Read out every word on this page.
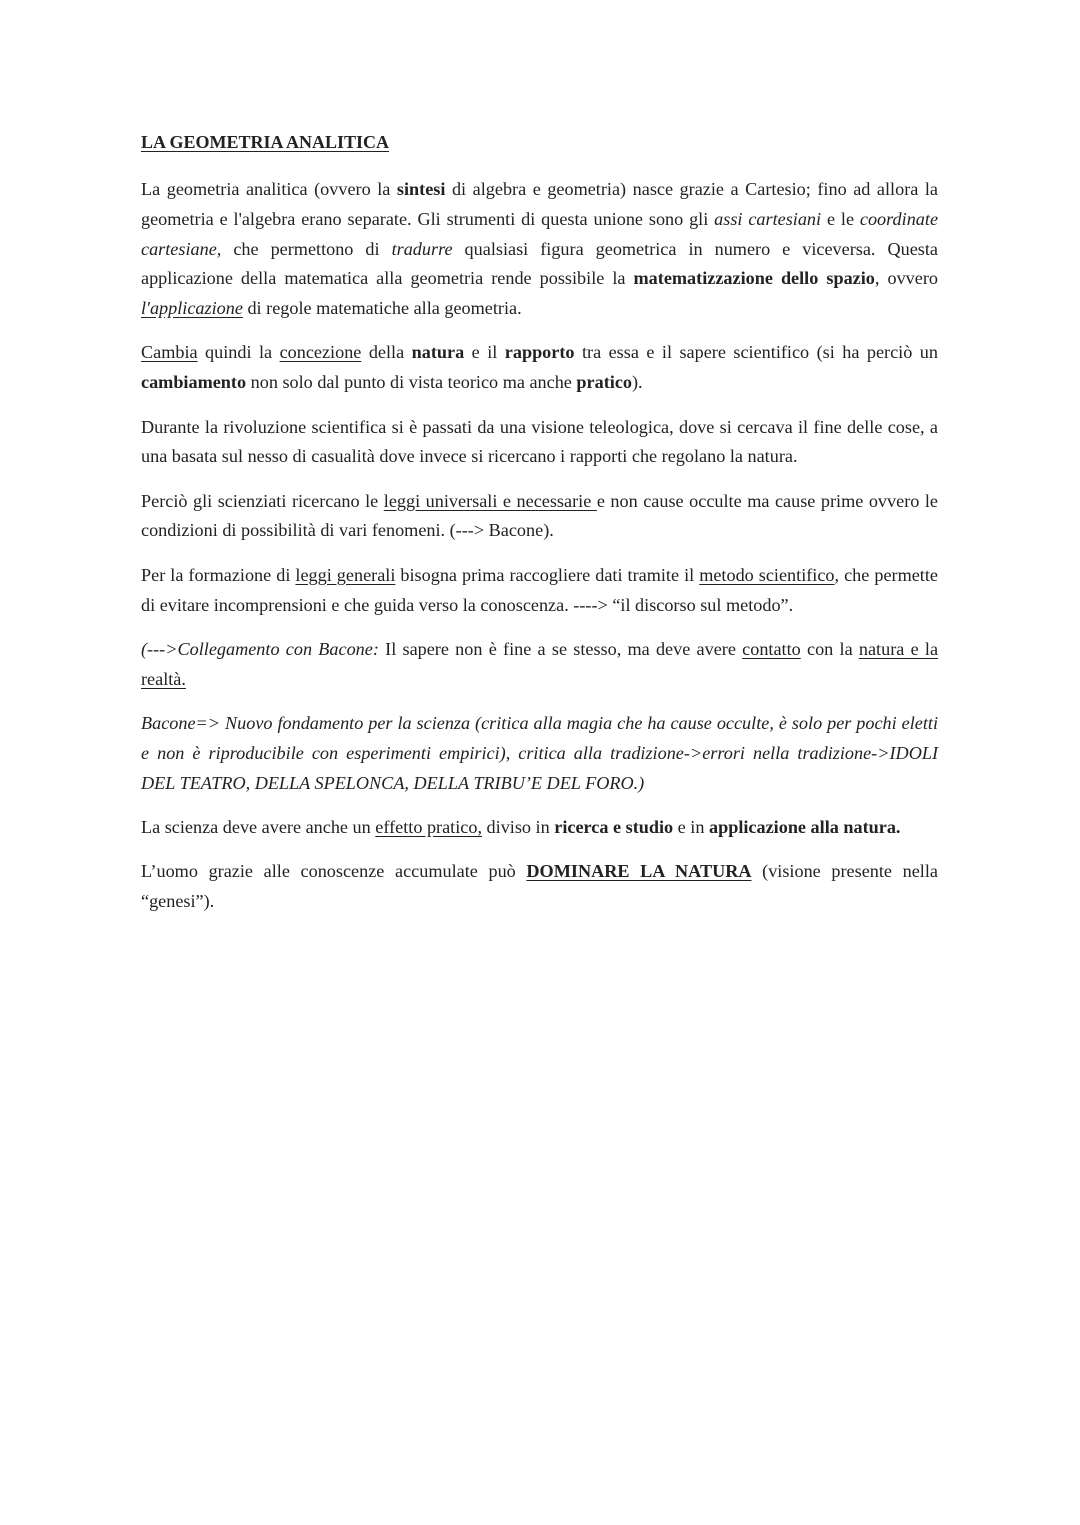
LA GEOMETRIA ANALITICA
La geometria analitica (ovvero la sintesi di algebra e geometria) nasce grazie a Cartesio; fino ad allora la geometria e l'algebra erano separate. Gli strumenti di questa unione sono gli assi cartesiani e le coordinate cartesiane, che permettono di tradurre qualsiasi figura geometrica in numero e viceversa. Questa applicazione della matematica alla geometria rende possibile la matematizzazione dello spazio, ovvero l'applicazione di regole matematiche alla geometria.
Cambia quindi la concezione della natura e il rapporto tra essa e il sapere scientifico (si ha perciò un cambiamento non solo dal punto di vista teorico ma anche pratico).
Durante la rivoluzione scientifica si è passati da una visione teleologica, dove si cercava il fine delle cose, a una basata sul nesso di casualità dove invece si ricercano i rapporti che regolano la natura.
Perciò gli scienziati ricercano le leggi universali e necessarie e non cause occulte ma cause prime ovvero le condizioni di possibilità di vari fenomeni. (---> Bacone).
Per la formazione di leggi generali bisogna prima raccogliere dati tramite il metodo scientifico, che permette di evitare incomprensioni e che guida verso la conoscenza. ----> “il discorso sul metodo”.
(--->Collegamento con Bacone: Il sapere non è fine a se stesso, ma deve avere contatto con la natura e la realtà.
Bacone=> Nuovo fondamento per la scienza (critica alla magia che ha cause occulte, è solo per pochi eletti e non è riproducibile con esperimenti empirici), critica alla tradizione->errori nella tradizione->IDOLI DEL TEATRO, DELLA SPELONCA, DELLA TRIBU’E DEL FORO.)
La scienza deve avere anche un effetto pratico, diviso in ricerca e studio e in applicazione alla natura.
L’uomo grazie alle conoscenze accumulate può DOMINARE LA NATURA (visione presente nella “genesi”).
